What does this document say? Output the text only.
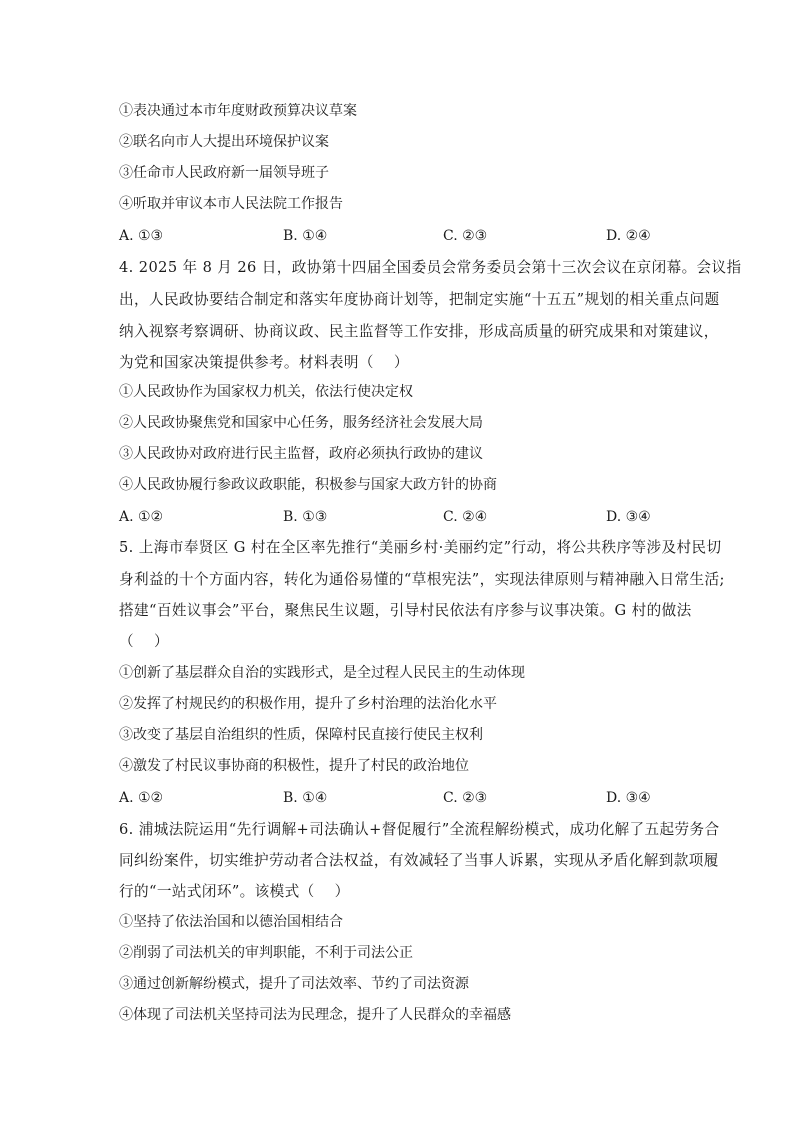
①表决通过本市年度财政预算决议草案
②联名向市人大提出环境保护议案
③任命市人民政府新一届领导班子
④听取并审议本市人民法院工作报告
A. ①③	B. ①④	C. ②③	D. ②④
4. 2025 年 8 月 26 日，政协第十四届全国委员会常务委员会第十三次会议在京闭幕。会议指
出，人民政协要结合制定和落实年度协商计划等，把制定实施“十五五”规划的相关重点问题
纳入视察考察调研、协商议政、民主监督等工作安排，形成高质量的研究成果和对策建议，
为党和国家决策提供参考。材料表明（　 ）
①人民政协作为国家权力机关，依法行使决定权
②人民政协聚焦党和国家中心任务，服务经济社会发展大局
③人民政协对政府进行民主监督，政府必须执行政协的建议
④人民政协履行参政议政职能，积极参与国家大政方针的协商
A. ①②	B. ①③	C. ②④	D. ③④
5. 上海市奉贤区 G 村在全区率先推行“美丽乡村·美丽约定”行动，将公共秩序等涉及村民切
身利益的十个方面内容，转化为通俗易懂的“草根宪法”，实现法律原则与精神融入日常生活;
搭建“百姓议事会”平台，聚焦民生议题，引导村民依法有序参与议事决策。G 村的做法
（　 ）
①创新了基层群众自治的实践形式，是全过程人民民主的生动体现
②发挥了村规民约的积极作用，提升了乡村治理的法治化水平
③改变了基层自治组织的性质，保障村民直接行使民主权利
④激发了村民议事协商的积极性，提升了村民的政治地位
A. ①②	B. ①④	C. ②③	D. ③④
6. 浦城法院运用“先行调解+司法确认+督促履行”全流程解纷模式，成功化解了五起劳务合
同纠纷案件，切实维护劳动者合法权益，有效减轻了当事人诉累，实现从矛盾化解到款项履
行的“一站式闭环”。该模式（　 ）
①坚持了依法治国和以德治国相结合
②削弱了司法机关的审判职能，不利于司法公正
③通过创新解纷模式，提升了司法效率、节约了司法资源
④体现了司法机关坚持司法为民理念，提升了人民群众的幸福感
